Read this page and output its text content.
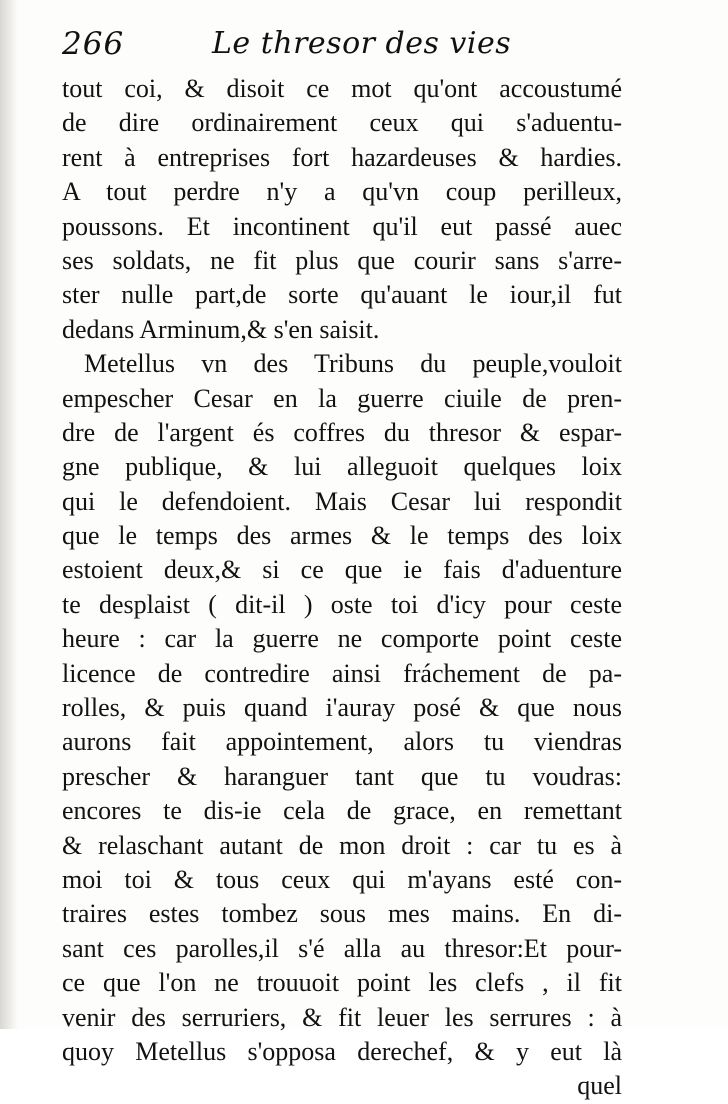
266	Le thresor des vies
tout coi, & disoit ce mot qu'ont accoustumé
de dire ordinairement ceux qui s'aduentu-
rent à entreprises fort hazardeuses & hardies.
A tout perdre n'y a qu'vn coup perilleux,
poussons. Et incontinent qu'il eut passé auec
ses soldats, ne fit plus que courir sans s'arre-
ster nulle part,de sorte qu'auant le iour,il fut
dedans Arminum,& s'en saisit.
Metellus vn des Tribuns du peuple,vouloit
empescher Cesar en la guerre ciuile de pren-
dre de l'argent és coffres du thresor & espar-
gne publique, & lui alleguoit quelques loix
qui le defendoient. Mais Cesar lui respondit
que le temps des armes & le temps des loix
estoient deux,& si ce que ie fais d'aduenture
te desplaist ( dit-il ) oste toi d'icy pour ceste
heure : car la guerre ne comporte point ceste
licence de contredire ainsi fráchement de pa-
rolles, & puis quand i'auray posé & que nous
aurons fait appointement, alors tu viendras
prescher & haranguer tant que tu voudras:
encores te dis-ie cela de grace, en remettant
& relaschant autant de mon droit : car tu es à
moi toi & tous ceux qui m'ayans esté con-
traires estes tombez sous mes mains. En di-
sant ces parolles,il s'é alla au thresor:Et pour-
ce que l'on ne trouuoit point les clefs , il fit
venir des serruriers, & fit leuer les serrures : à
quoy Metellus s'opposa derechef, & y eut là
quel
